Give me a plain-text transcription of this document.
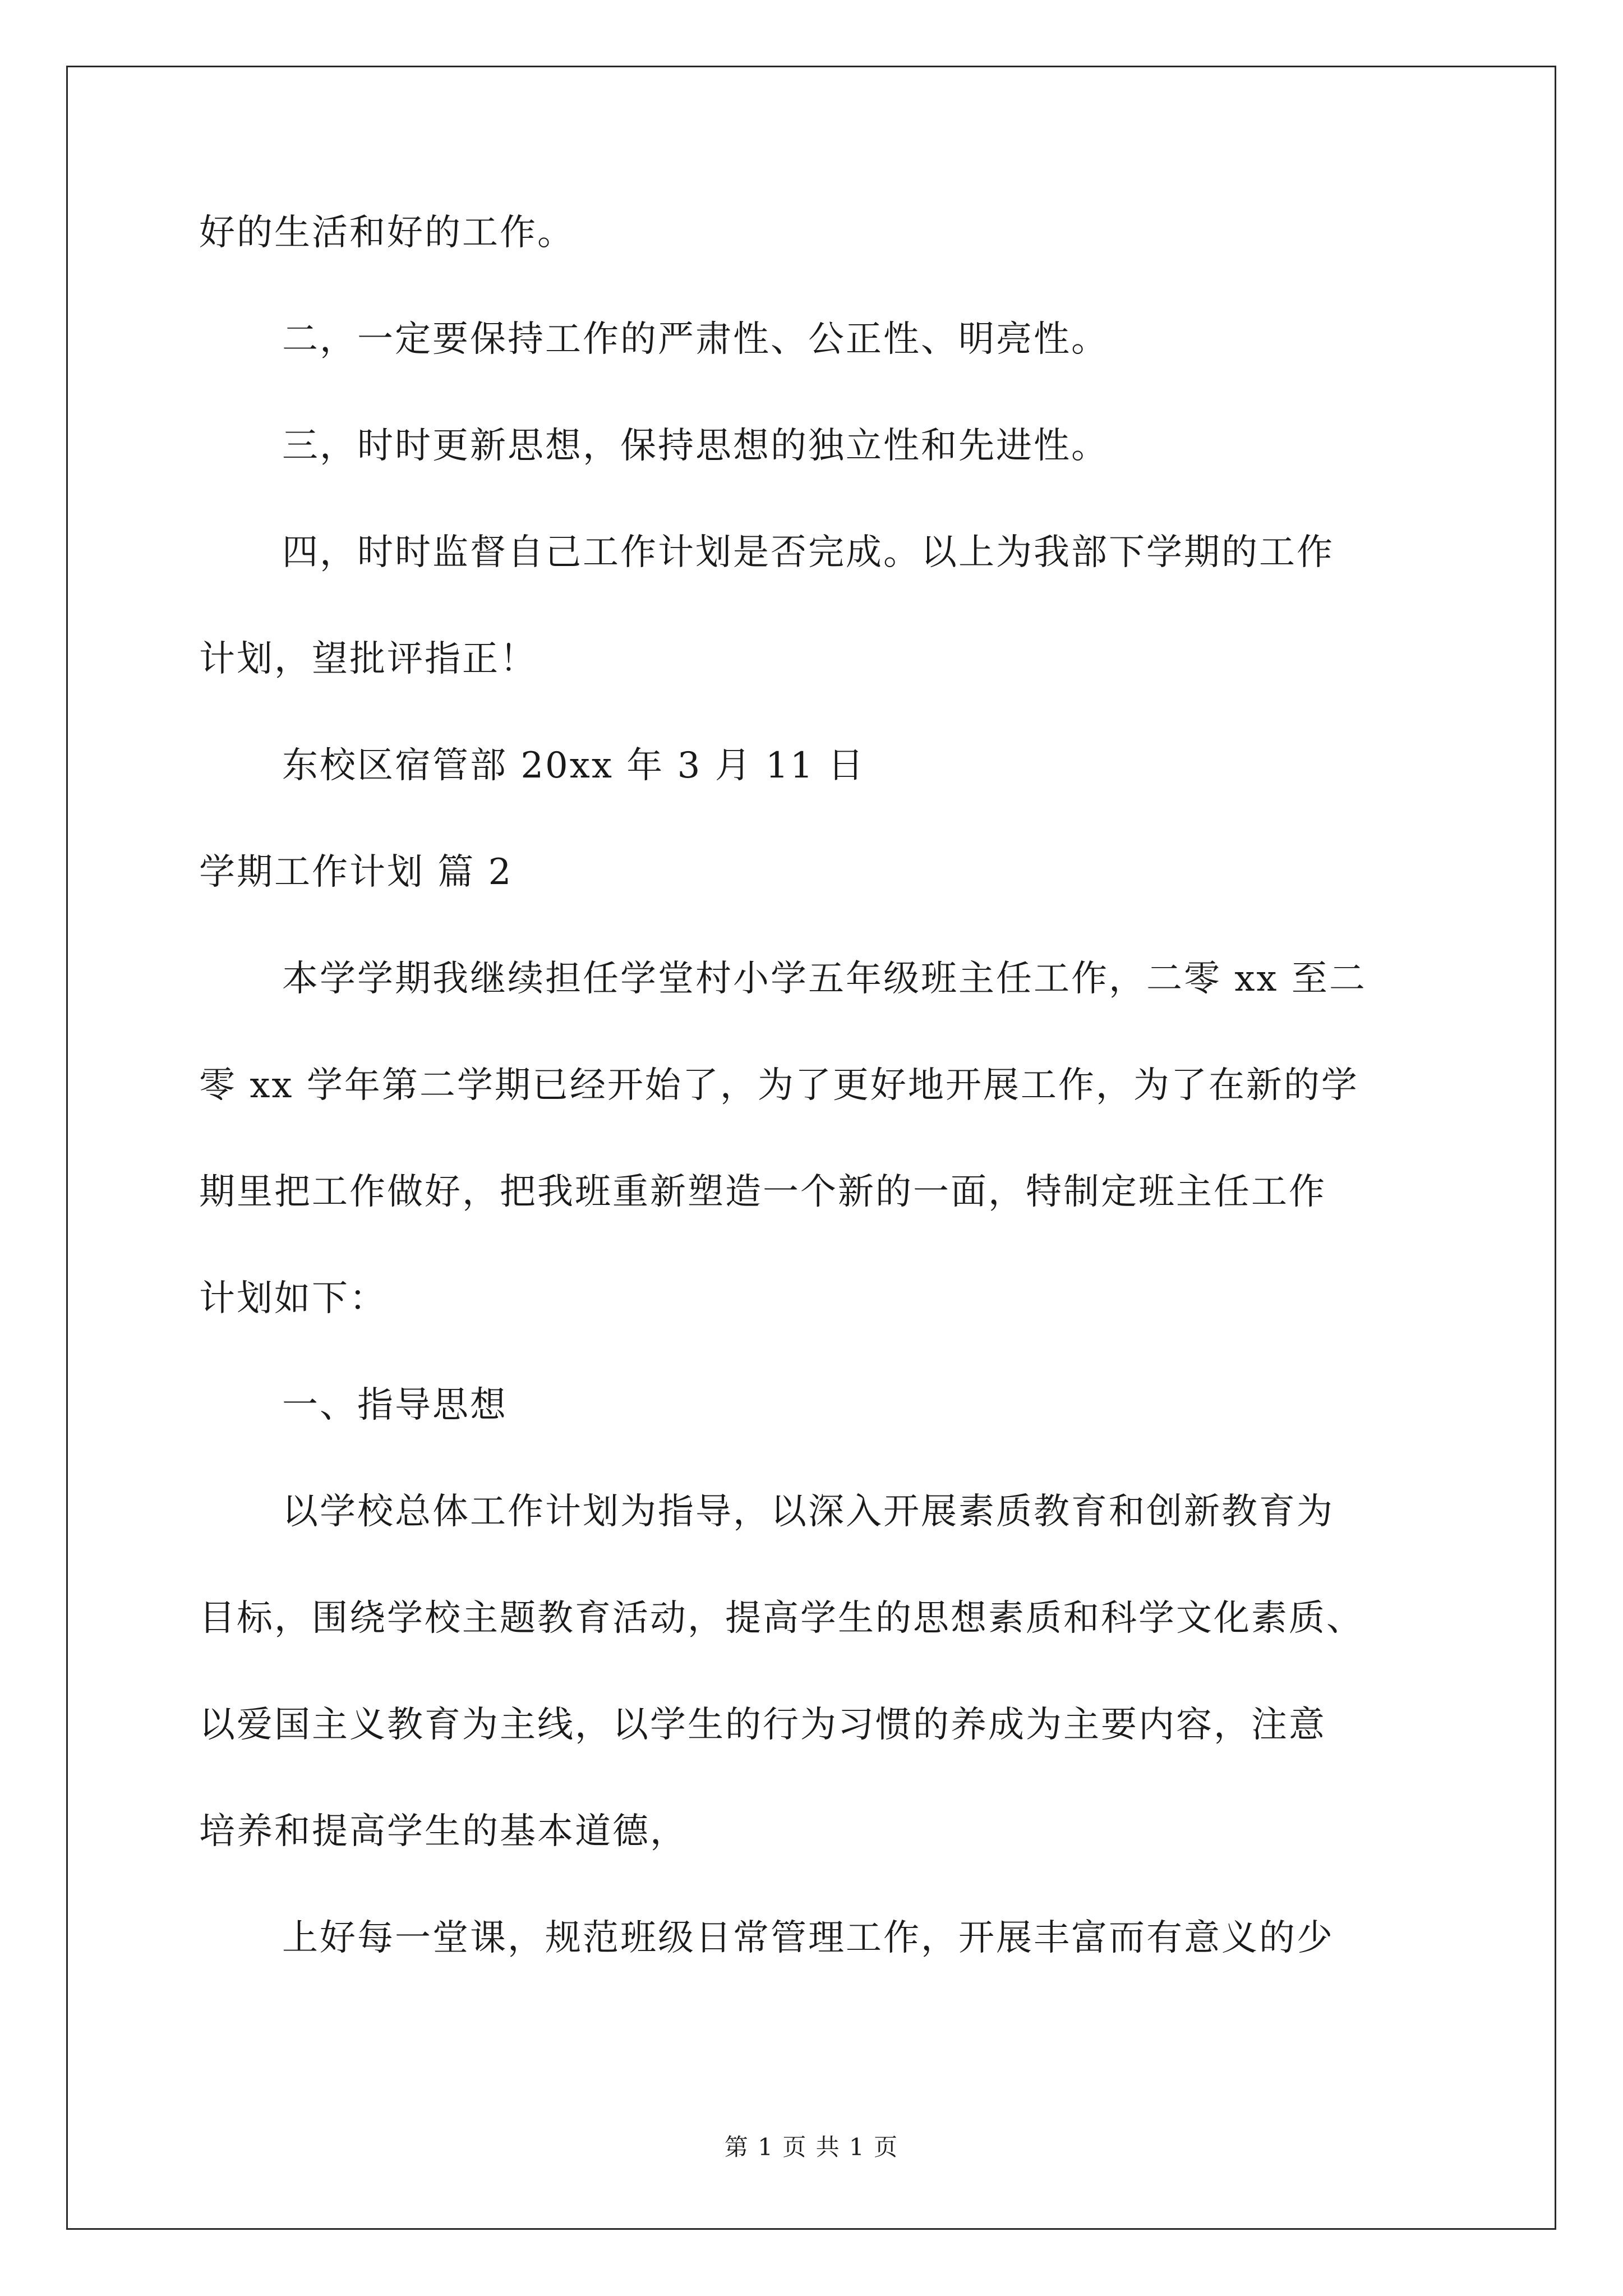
好的生活和好的工作。
二，一定要保持工作的严肃性、公正性、明亮性。
三，时时更新思想，保持思想的独立性和先进性。
四，时时监督自己工作计划是否完成。以上为我部下学期的工作
计划，望批评指正！
东校区宿管部 20xx 年 3 月 11 日
学期工作计划 篇 2
本学学期我继续担任学堂村小学五年级班主任工作，二零 xx 至二
零 xx 学年第二学期已经开始了，为了更好地开展工作，为了在新的学
期里把工作做好，把我班重新塑造一个新的一面，特制定班主任工作
计划如下：
一、指导思想
以学校总体工作计划为指导，以深入开展素质教育和创新教育为
目标，围绕学校主题教育活动，提高学生的思想素质和科学文化素质、
以爱国主义教育为主线，以学生的行为习惯的养成为主要内容，注意
培养和提高学生的基本道德，
上好每一堂课，规范班级日常管理工作，开展丰富而有意义的少
第 1 页 共 1 页
